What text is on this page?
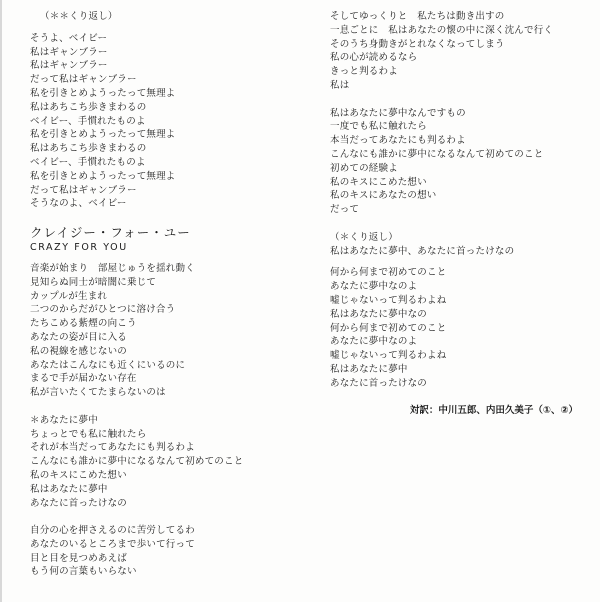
（＊＊くり返し）
そうよ、ベイビー
私はギャンブラー
私はギャンブラー
だって私はギャンブラー
私を引きとめようったって無理よ
私はあちこち歩きまわるの
ベイビー、手慣れたものよ
私を引きとめようったって無理よ
私はあちこち歩きまわるの
ベイビー、手慣れたものよ
私を引きとめようったって無理よ
だって私はギャンブラー
そうなのよ、ベイビー
クレイジー・フォー・ユー
CRAZY FOR YOU
音楽が始まり　部屋じゅうを揺れ動く
見知らぬ同士が暗闇に乗じて
カップルが生まれ
二つのからだがひとつに溶け合う
たちこめる紫煙の向こう
あなたの姿が目に入る
私の視線を感じないの
あなたはこんなにも近くにいるのに
まるで手が届かない存在
私が言いたくてたまらないのは
＊あなたに夢中
ちょっとでも私に触れたら
それが本当だってあなたにも判るわよ
こんなにも誰かに夢中になるなんて初めてのこと
私のキスにこめた想い
私はあなたに夢中
あなたに首ったけなの
自分の心を押さえるのに苦労してるわ
あなたのいるところまで歩いて行って
目と目を見つめあえば
もう何の言葉もいらない
そしてゆっくりと　私たちは動き出すの
一息ごとに　私はあなたの懐の中に深く沈んで行く
そのうち身動きがとれなくなってしまう
私の心が読めるなら
きっと判るわよ
私は
私はあなたに夢中なんですもの
一度でも私に触れたら
本当だってあなたにも判るわよ
こんなにも誰かに夢中になるなんて初めてのこと
初めての経験よ
私のキスにこめた想い
私のキスにあなたの想い
だって
（＊くり返し）
私はあなたに夢中、あなたに首ったけなの
何から何まで初めてのこと
あなたに夢中なのよ
嘘じゃないって判るわよね
私はあなたに夢中なの
何から何まで初めてのこと
あなたに夢中なのよ
嘘じゃないって判るわよね
私はあなたに夢中
あなたに首ったけなの
対訳：中川五郎、内田久美子（①、②）
